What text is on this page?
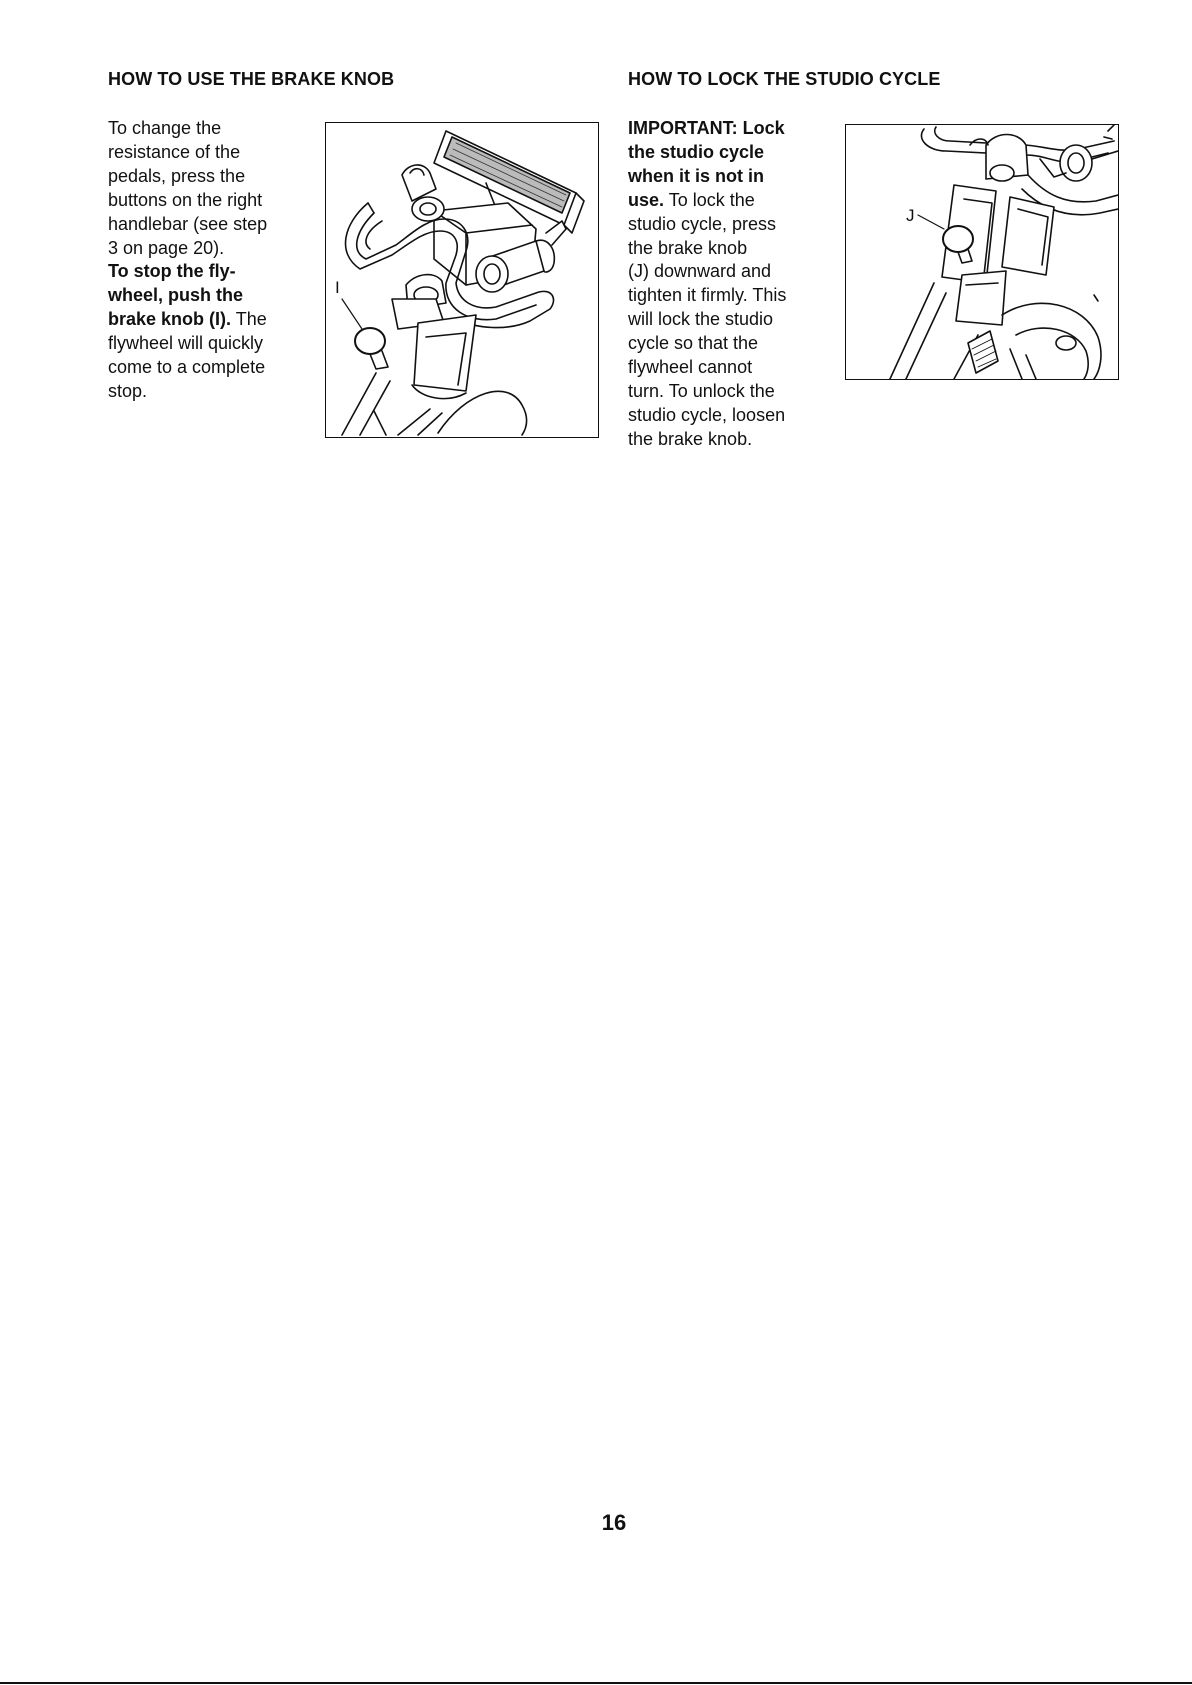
HOW TO USE THE BRAKE KNOB

To change the
resistance of the
pedals, press the
buttons on the right
handlebar (see step
3 on page 20).
To stop the fly-
wheel, push the
brake knob (I). The
flywheel will quickly
come to a complete
stop.

I
HOW TO LOCK THE STUDIO CYCLE

IMPORTANT: Lock
the studio cycle
when it is not in
use. To lock the
studio cycle, press
the brake knob
(J) downward and
tighten it firmly. This
will lock the studio
cycle so that the
flywheel cannot
turn. To unlock the
studio cycle, loosen
the brake knob.

J

16
